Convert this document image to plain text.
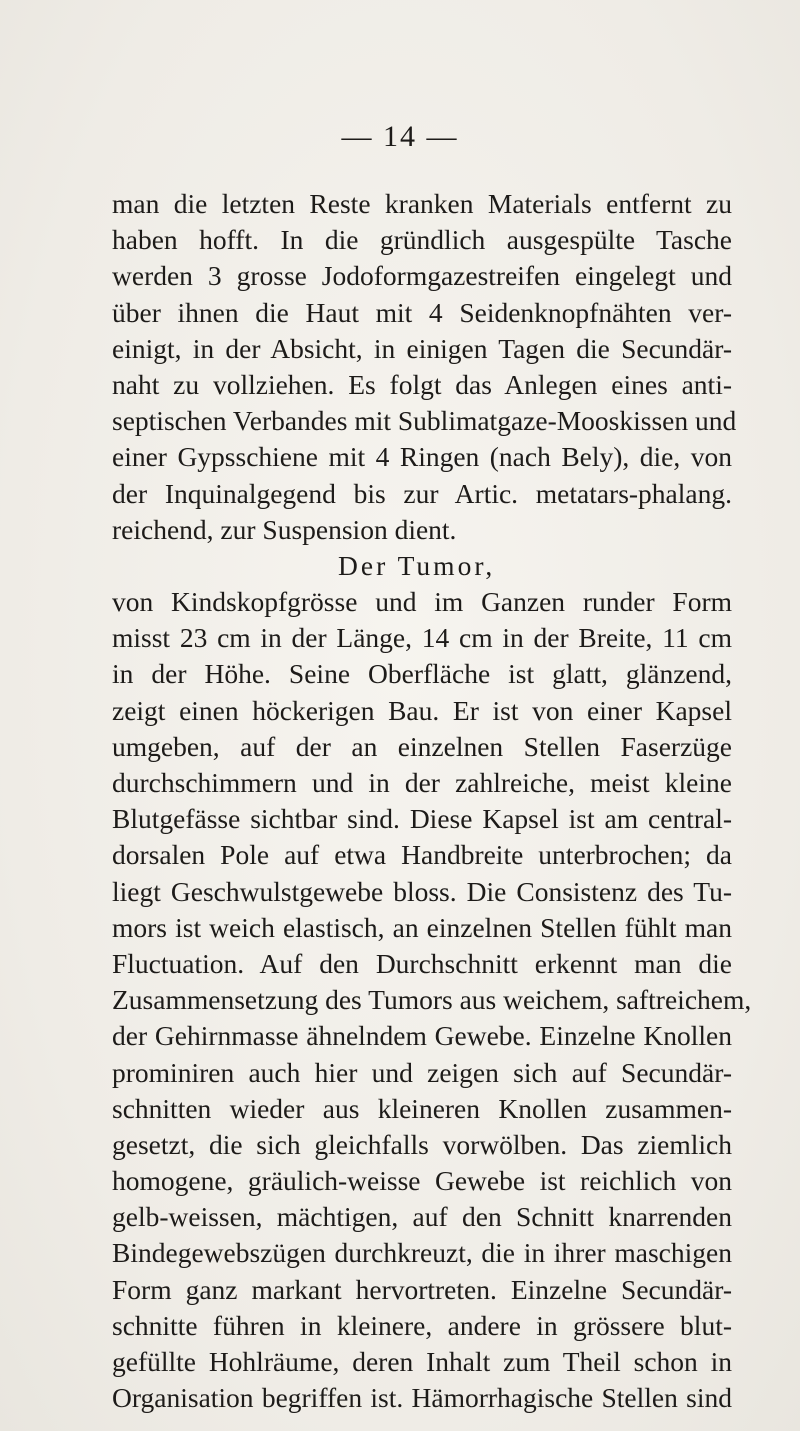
— 14 —
man die letzten Reste kranken Materials entfernt zu
haben hofft. In die gründlich ausgespülte Tasche
werden 3 grosse Jodoformgazestreifen eingelegt und
über ihnen die Haut mit 4 Seidenknopfnähten ver-
einigt, in der Absicht, in einigen Tagen die Secundär-
naht zu vollziehen. Es folgt das Anlegen eines anti-
septischen Verbandes mit Sublimatgaze-Mooskissen und
einer Gypsschiene mit 4 Ringen (nach Bely), die, von
der Inquinalgegend bis zur Artic. metatars-phalang.
reichend, zur Suspension dient.
Der Tumor,
von Kindskopfgrösse und im Ganzen runder Form
misst 23 cm in der Länge, 14 cm in der Breite, 11 cm
in der Höhe. Seine Oberfläche ist glatt, glänzend,
zeigt einen höckerigen Bau. Er ist von einer Kapsel
umgeben, auf der an einzelnen Stellen Faserzüge
durchschimmern und in der zahlreiche, meist kleine
Blutgefässe sichtbar sind. Diese Kapsel ist am central-
dorsalen Pole auf etwa Handbreite unterbrochen; da
liegt Geschwulstgewebe bloss. Die Consistenz des Tu-
mors ist weich elastisch, an einzelnen Stellen fühlt man
Fluctuation. Auf den Durchschnitt erkennt man die
Zusammensetzung des Tumors aus weichem, saftreichem,
der Gehirnmasse ähnelndem Gewebe. Einzelne Knollen
prominiren auch hier und zeigen sich auf Secundär-
schnitten wieder aus kleineren Knollen zusammen-
gesetzt, die sich gleichfalls vorwölben. Das ziemlich
homogene, gräulich-weisse Gewebe ist reichlich von
gelb-weissen, mächtigen, auf den Schnitt knarrenden
Bindegewebszügen durchkreuzt, die in ihrer maschigen
Form ganz markant hervortreten. Einzelne Secundär-
schnitte führen in kleinere, andere in grössere blut-
gefüllte Hohlräume, deren Inhalt zum Theil schon in
Organisation begriffen ist. Hämorrhagische Stellen sind
